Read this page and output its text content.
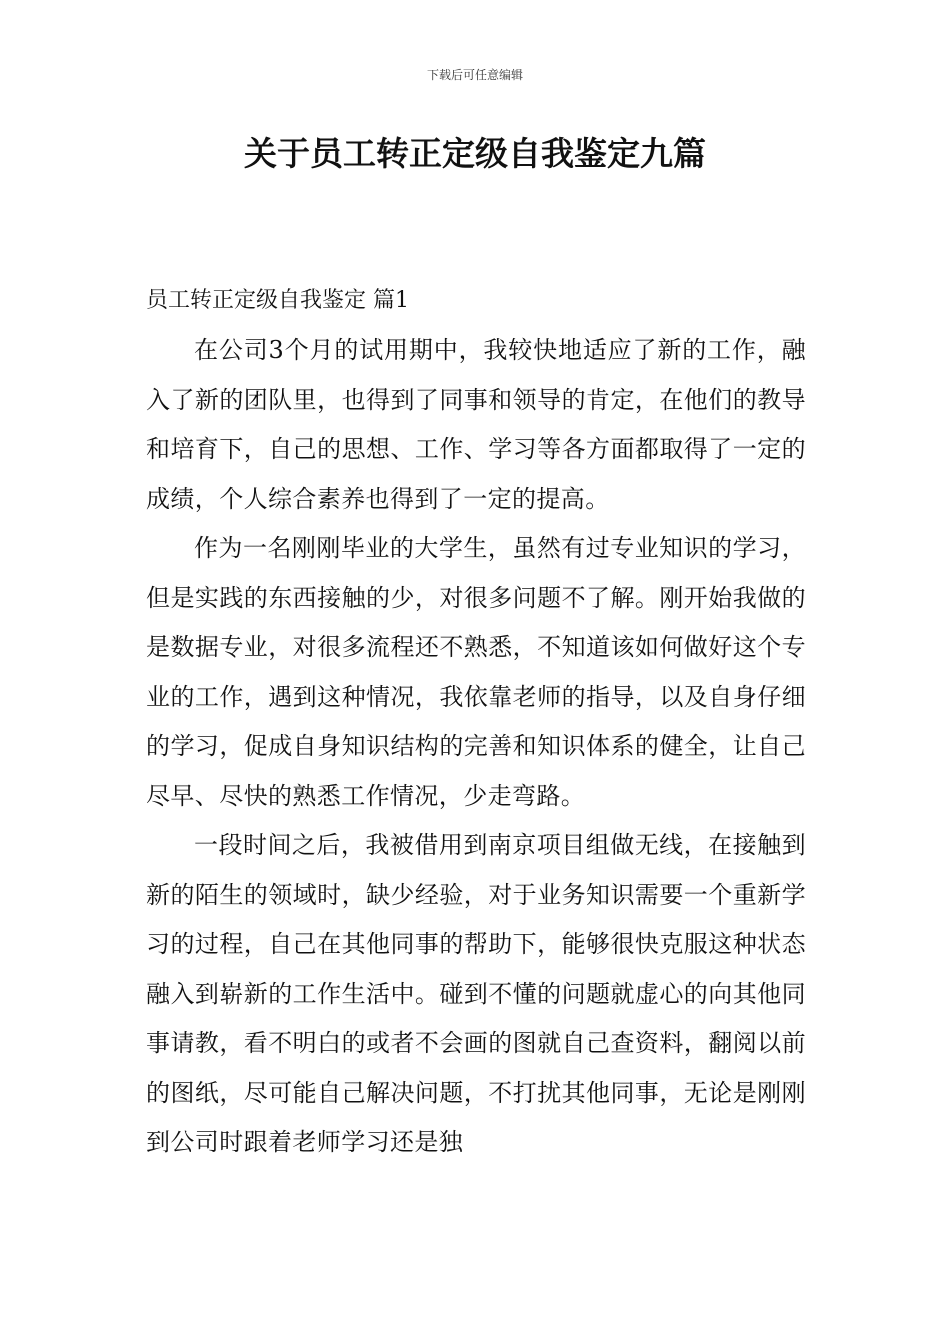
下载后可任意编辑
关于员工转正定级自我鉴定九篇
员工转正定级自我鉴定 篇1

在公司3个月的试用期中，我较快地适应了新的工作，融入了新的团队里，也得到了同事和领导的肯定，在他们的教导和培育下，自己的思想、工作、学习等各方面都取得了一定的成绩，个人综合素养也得到了一定的提高。

作为一名刚刚毕业的大学生，虽然有过专业知识的学习，但是实践的东西接触的少，对很多问题不了解。刚开始我做的是数据专业，对很多流程还不熟悉，不知道该如何做好这个专业的工作，遇到这种情况，我依靠老师的指导，以及自身仔细的学习，促成自身知识结构的完善和知识体系的健全，让自己尽早、尽快的熟悉工作情况，少走弯路。

一段时间之后，我被借用到南京项目组做无线，在接触到新的陌生的领域时，缺少经验，对于业务知识需要一个重新学习的过程，自己在其他同事的帮助下，能够很快克服这种状态融入到崭新的工作生活中。碰到不懂的问题就虚心的向其他同事请教，看不明白的或者不会画的图就自己查资料，翻阅以前的图纸，尽可能自己解决问题，不打扰其他同事，无论是刚刚到公司时跟着老师学习还是独
